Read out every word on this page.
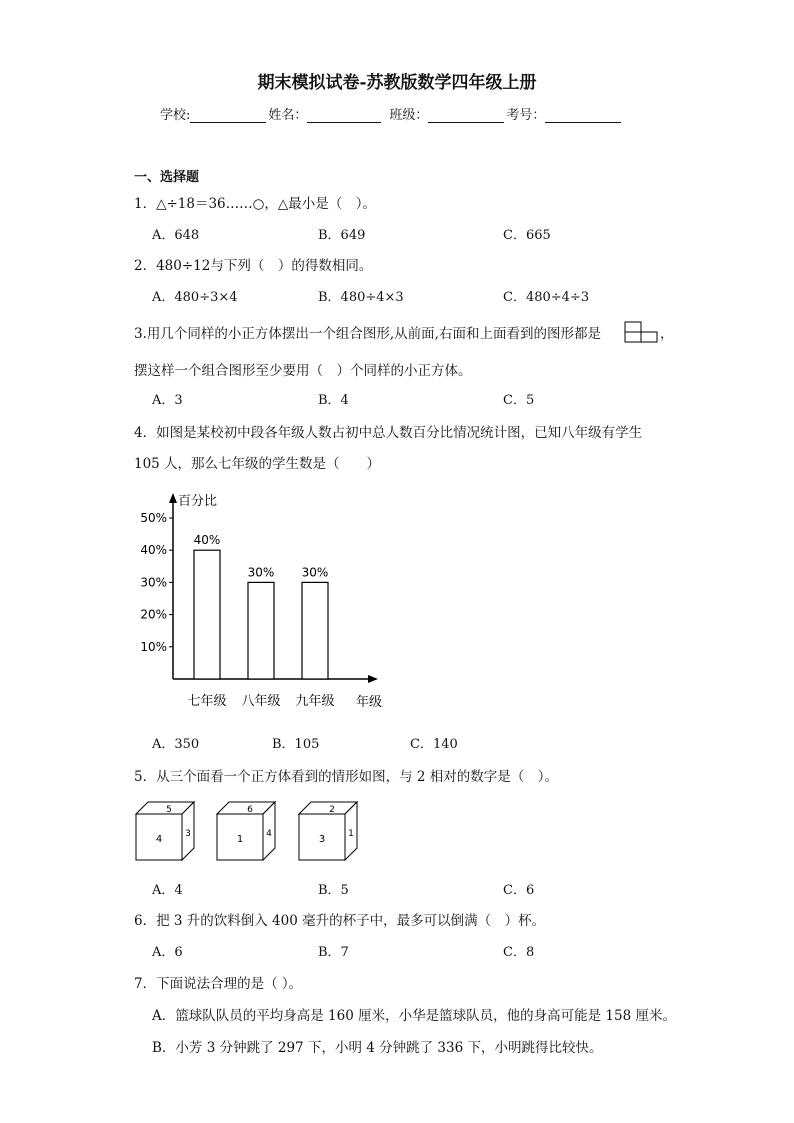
期末模拟试卷-苏教版数学四年级上册
学校:	姓名：	班级：	考号：
一、选择题
1．△÷18＝36……○，△最小是（　）。
A．648	B．649	C．665
2．480÷12与下列（　）的得数相同。
A．480÷3×4	B．480÷4×3	C．480÷4÷3
3.用几个同样的小正方体摆出一个组合图形,从前面,右面和上面看到的图形都是	，
摆这样一个组合图形至少要用（　）个同样的小正方体。
A．3	B．4	C．5
4．如图是某校初中段各年级人数占初中总人数百分比情况统计图，已知八年级有学生
105 人，那么七年级的学生数是（　　）
百分比
年级
10%
20%
30%
40%
50%
40%
七年级
30%
八年级
30%
九年级
A．350	B．105	C．140
5．从三个面看一个正方体看到的情形如图，与 2 相对的数字是（　）。
5
4	3
6
1	4
2
3	1
A．4	B．5	C．6
6．把 3 升的饮料倒入 400 毫升的杯子中，最多可以倒满（　）杯。
A．6	B．7	C．8
7．下面说法合理的是（ ）。
A．篮球队队员的平均身高是 160 厘米，小华是篮球队员，他的身高可能是 158 厘米。
B．小芳 3 分钟跳了 297 下，小明 4 分钟跳了 336 下，小明跳得比较快。
